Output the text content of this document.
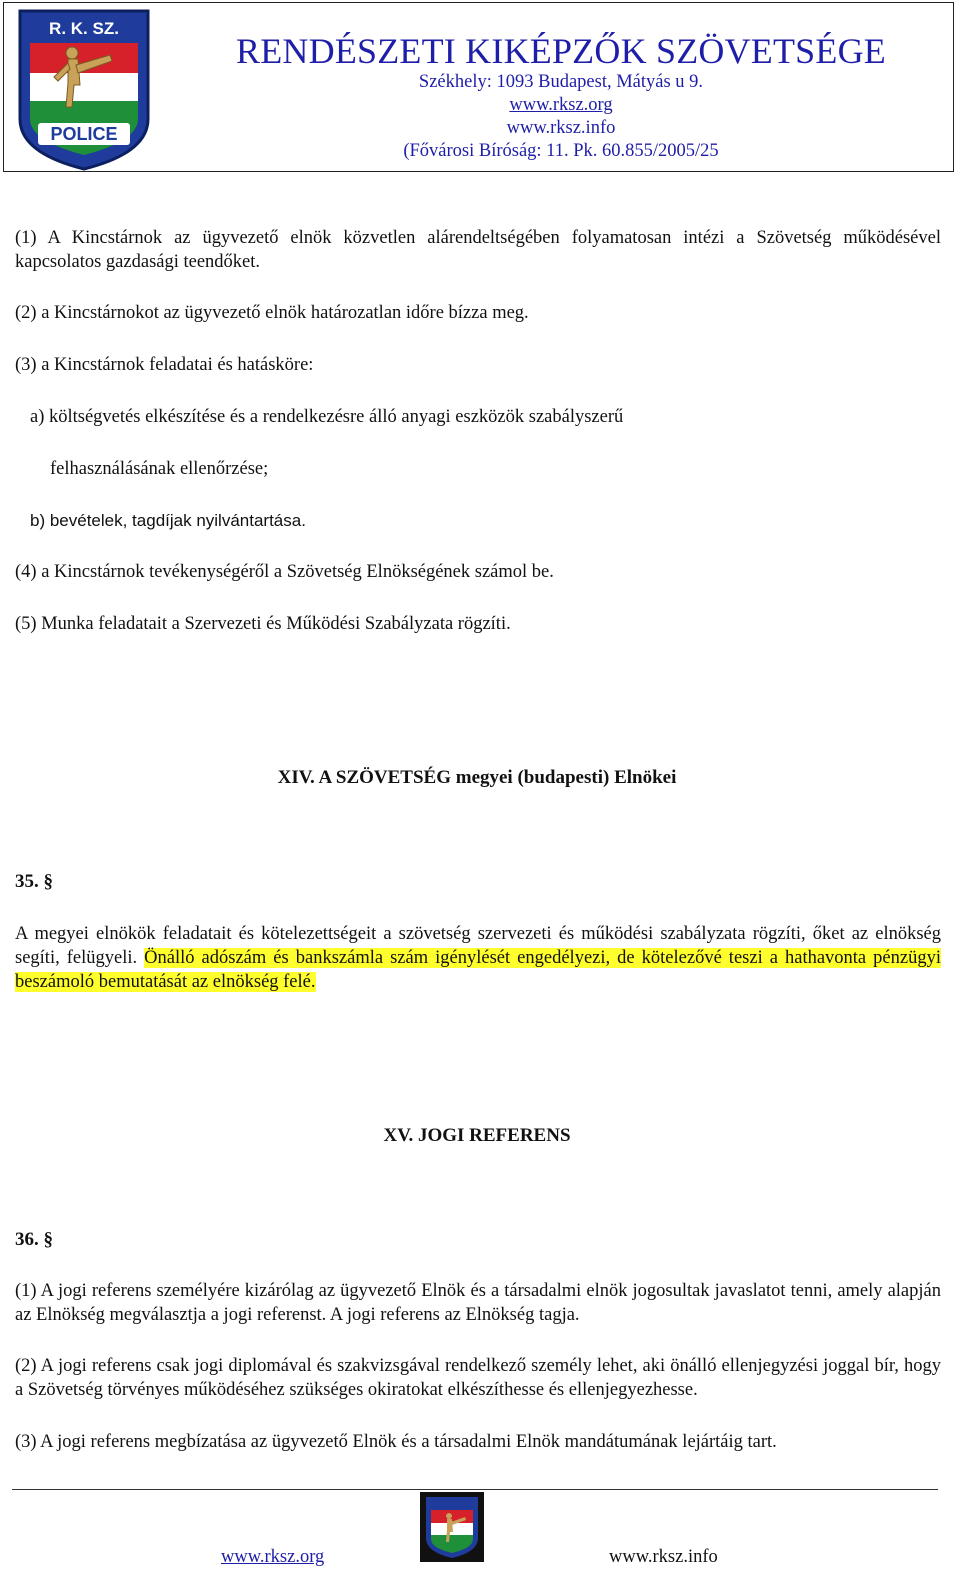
R. K. SZ.
POLICE
RENDÉSZETI KIKÉPZŐK SZÖVETSÉGE
Székhely: 1093 Budapest, Mátyás u 9.
www.rksz.org
www.rksz.info
(Fővárosi Bíróság: 11. Pk. 60.855/2005/25
(1) A Kincstárnok az ügyvezető elnök közvetlen alárendeltségében folyamatosan intézi a Szövetség működésével kapcsolatos gazdasági teendőket.
(2) a Kincstárnokot az ügyvezető elnök határozatlan időre bízza meg.
(3) a Kincstárnok feladatai és hatásköre:
a) költségvetés elkészítése és a rendelkezésre álló anyagi eszközök szabályszerű
felhasználásának ellenőrzése;
b) bevételek, tagdíjak nyilvántartása.
(4) a Kincstárnok tevékenységéről a Szövetség Elnökségének számol be.
(5) Munka feladatait a Szervezeti és Működési Szabályzata rögzíti.
XIV. A SZÖVETSÉG megyei (budapesti) Elnökei
35. §
A megyei elnökök feladatait és kötelezettségeit a szövetség szervezeti és működési szabályzata rögzíti, őket az elnökség segíti, felügyeli. Önálló adószám és bankszámla szám igénylését engedélyezi, de kötelezővé teszi a hathavonta pénzügyi beszámoló bemutatását az elnökség felé.
XV. JOGI REFERENS
36. §
(1) A jogi referens személyére kizárólag az ügyvezető Elnök és a társadalmi elnök jogosultak javaslatot tenni, amely alapján az Elnökség megválasztja a jogi referenst. A jogi referens az Elnökség tagja.
(2) A jogi referens csak jogi diplomával és szakvizsgával rendelkező személy lehet, aki önálló ellenjegyzési joggal bír, hogy a Szövetség törvényes működéséhez szükséges okiratokat elkészíthesse és ellenjegyezhesse.
(3) A jogi referens megbízatása az ügyvezető Elnök és a társadalmi Elnök mandátumának lejártáig tart.
www.rksz.org	www.rksz.info
